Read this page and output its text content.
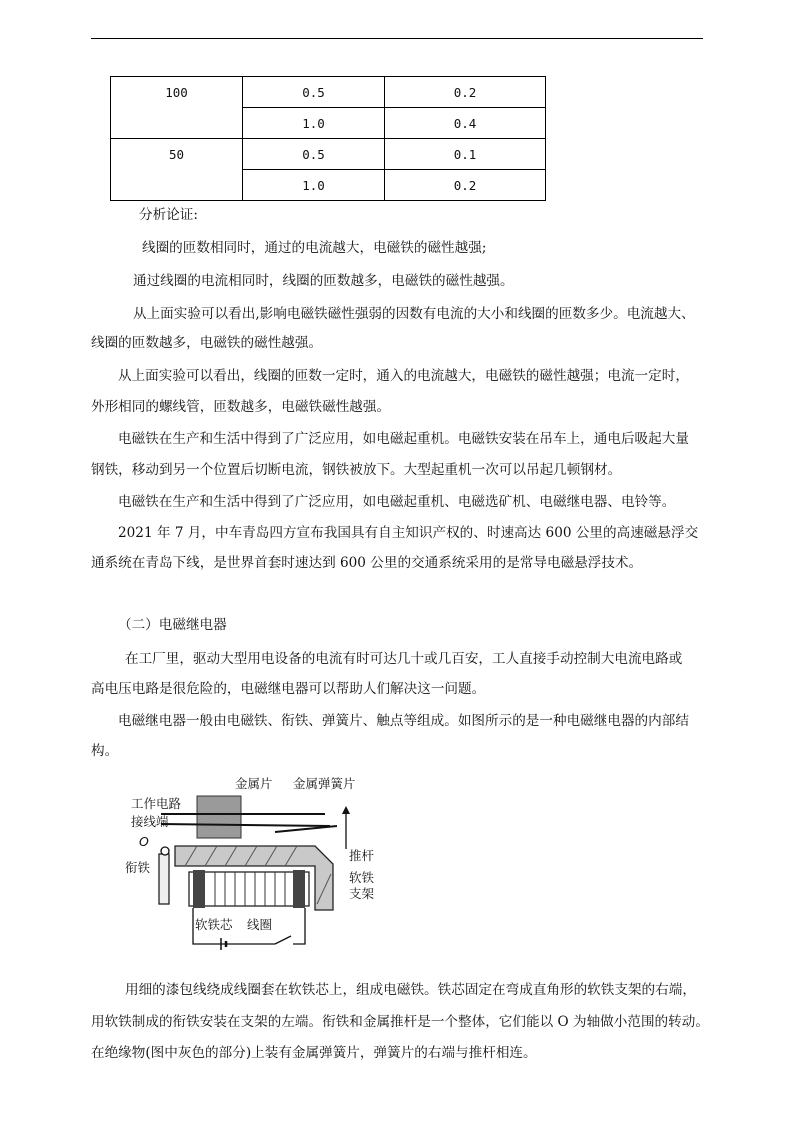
100	0.5	0.2
	1.0	0.4
50	0.5	0.1
	1.0	0.2
分析论证:
线圈的匝数相同时，通过的电流越大，电磁铁的磁性越强;
通过线圈的电流相同时，线圈的匝数越多，电磁铁的磁性越强。
从上面实验可以看出,影响电磁铁磁性强弱的因数有电流的大小和线圈的匝数多少。电流越大、
线圈的匝数越多，电磁铁的磁性越强。
从上面实验可以看出，线圈的匝数一定时，通入的电流越大，电磁铁的磁性越强；电流一定时，
外形相同的螺线管，匝数越多，电磁铁磁性越强。
电磁铁在生产和生活中得到了广泛应用，如电磁起重机。电磁铁安装在吊车上，通电后吸起大量
钢铁，移动到另一个位置后切断电流，钢铁被放下。大型起重机一次可以吊起几顿钢材。
电磁铁在生产和生活中得到了广泛应用，如电磁起重机、电磁选矿机、电磁继电器、电铃等。
2021 年 7 月，中车青岛四方宣布我国具有自主知识产权的、时速高达 600 公里的高速磁悬浮交
通系统在青岛下线，是世界首套时速达到 600 公里的交通系统采用的是常导电磁悬浮技术。
（二）电磁继电器
在工厂里，驱动大型用电设备的电流有时可达几十或几百安，工人直接手动控制大电流电路或
高电压电路是很危险的，电磁继电器可以帮助人们解决这一问题。
电磁继电器一般由电磁铁、衔铁、弹簧片、触点等组成。如图所示的是一种电磁继电器的内部结
构。
金属片 金属弹簧片
工作电路
接线端
O
衔铁
推杆
软铁
支架
软铁芯 线圈
用细的漆包线绕成线圈套在软铁芯上，组成电磁铁。铁芯固定在弯成直角形的软铁支架的右端，
用软铁制成的衔铁安装在支架的左端。衔铁和金属推杆是一个整体，它们能以 O 为轴做小范围的转动。
在绝缘物(图中灰色的部分)上装有金属弹簧片，弹簧片的右端与推杆相连。
